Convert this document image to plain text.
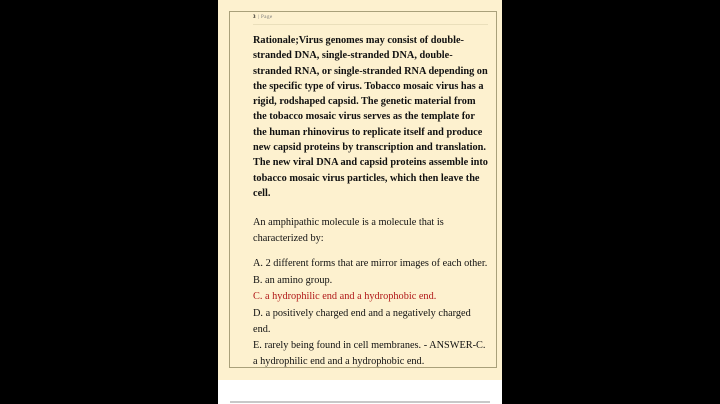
3 | Page

Rationale;Virus genomes may consist of double-stranded DNA, single-stranded DNA, double-stranded RNA, or single-stranded RNA depending on the specific type of virus. Tobacco mosaic virus has a rigid, rodshaped capsid. The genetic material from the tobacco mosaic virus serves as the template for the human rhinovirus to replicate itself and produce new capsid proteins by transcription and translation. The new viral DNA and capsid proteins assemble into tobacco mosaic virus particles, which then leave the cell.

An amphipathic molecule is a molecule that is characterized by:

A. 2 different forms that are mirror images of each other.

B. an amino group.

C. a hydrophilic end and a hydrophobic end.

D. a positively charged end and a negatively charged end.

E. rarely being found in cell membranes. - ANSWER-C. a hydrophilic end and a hydrophobic end.
